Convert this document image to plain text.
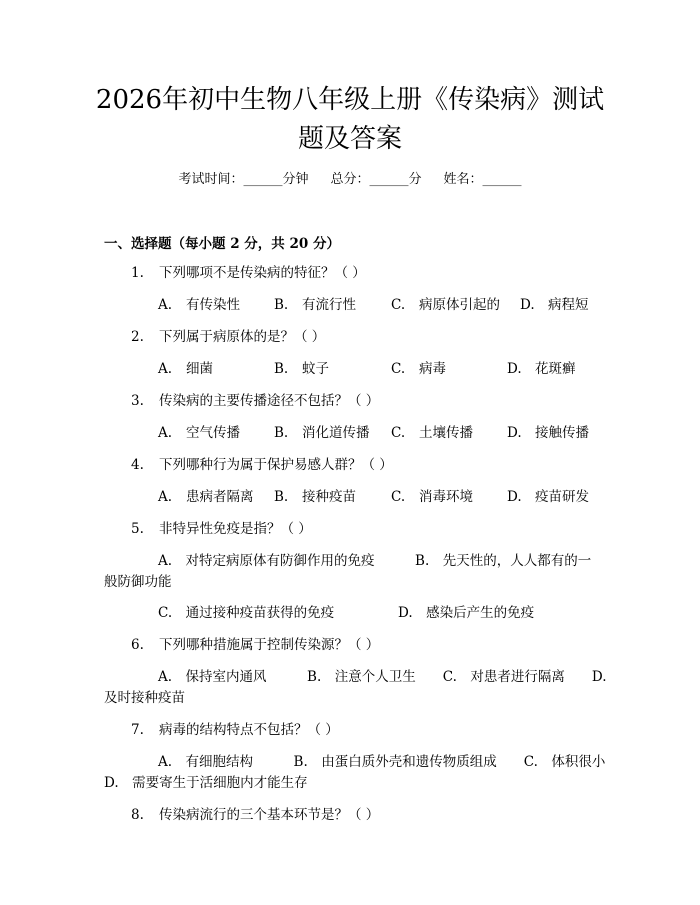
2026年初中生物八年级上册《传染病》测试
题及答案
考试时间：______分钟 总分：______分 姓名：______
一、选择题（每小题 2 分，共 20 分）
1. 下列哪项不是传染病的特征？（ ）
A. 有传染性	B. 有流行性	C. 病原体引起的 D. 病程短
2. 下列属于病原体的是？（ ）
A. 细菌	B. 蚊子	C. 病毒	D. 花斑癣
3. 传染病的主要传播途径不包括？（ ）
A. 空气传播	B. 消化道传播 C. 土壤传播	D. 接触传播
4. 下列哪种行为属于保护易感人群？（ ）
A. 患病者隔离 B. 接种疫苗	C. 消毒环境	D. 疫苗研发
5. 非特异性免疫是指？（ ）
A.　对特定病原体有防御作用的免疫　　　B.　先天性的，人人都有的一
般防御功能
C.　通过接种疫苗获得的免疫	D.　感染后产生的免疫
6. 下列哪种措施属于控制传染源？（ ）
A.　保持室内通风　　　B.　注意个人卫生　　C.　对患者进行隔离　　D.
及时接种疫苗
7. 病毒的结构特点不包括？（ ）
A.　有细胞结构　　　B.　由蛋白质外壳和遗传物质组成　　C.　体积很小
D.　需要寄生于活细胞内才能生存
8. 传染病流行的三个基本环节是？（ ）
